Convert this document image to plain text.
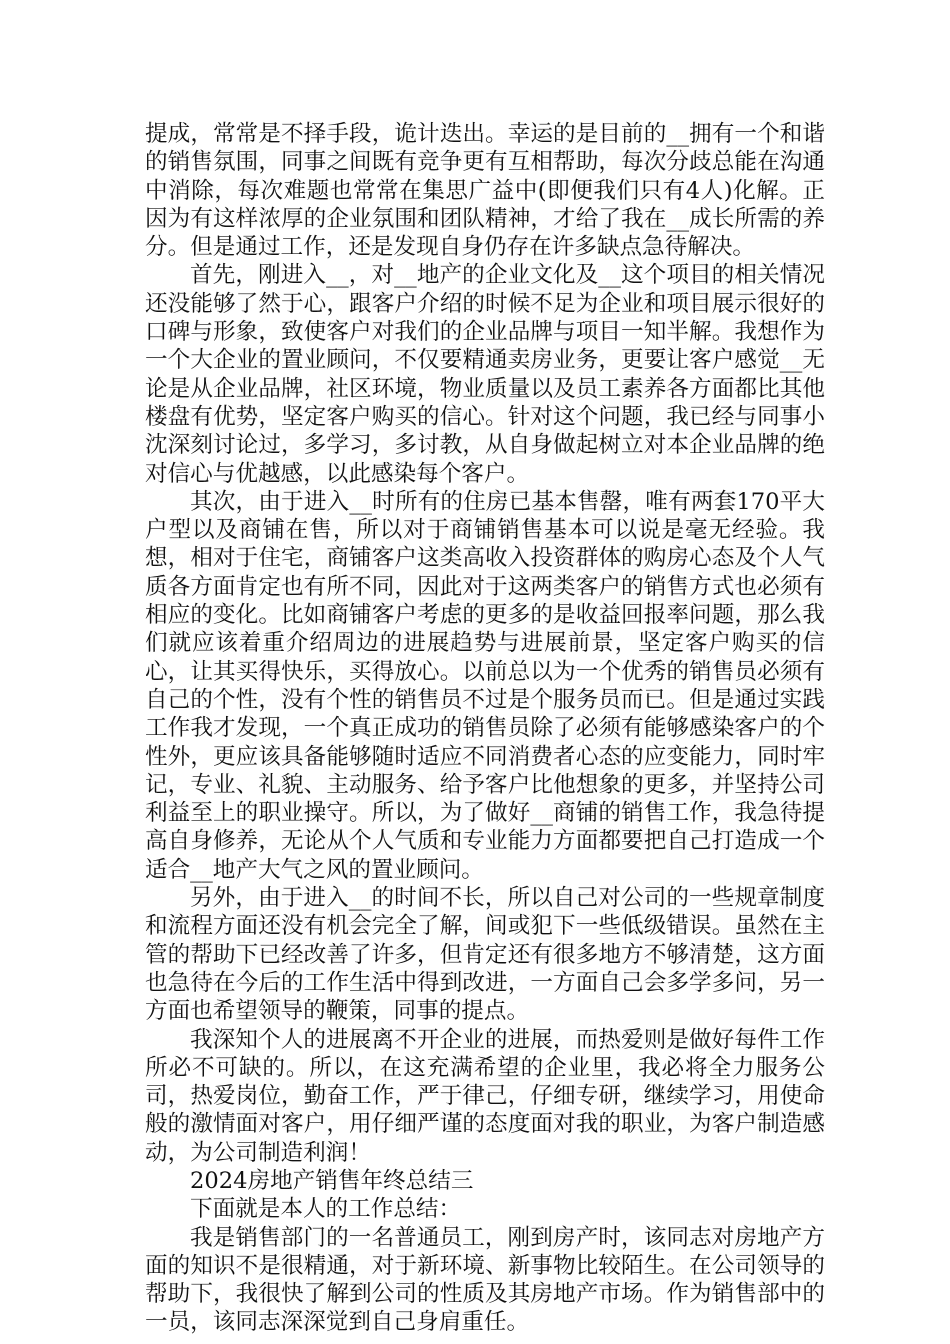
提成，常常是不择手段，诡计迭出。幸运的是目前的__拥有一个和谐的销售氛围，同事之间既有竞争更有互相帮助，每次分歧总能在沟通中消除，每次难题也常常在集思广益中(即便我们只有4人)化解。正因为有这样浓厚的企业氛围和团队精神，才给了我在__成长所需的养分。但是通过工作，还是发现自身仍存在许多缺点急待解决。

首先，刚进入__，对__地产的企业文化及__这个项目的相关情况还没能够了然于心，跟客户介绍的时候不足为企业和项目展示很好的口碑与形象，致使客户对我们的企业品牌与项目一知半解。我想作为一个大企业的置业顾问，不仅要精通卖房业务，更要让客户感觉__无论是从企业品牌，社区环境，物业质量以及员工素养各方面都比其他楼盘有优势，坚定客户购买的信心。针对这个问题，我已经与同事小沈深刻讨论过，多学习，多讨教，从自身做起树立对本企业品牌的绝对信心与优越感，以此感染每个客户。

其次，由于进入__时所有的住房已基本售罄，唯有两套170平大户型以及商铺在售，所以对于商铺销售基本可以说是毫无经验。我想，相对于住宅，商铺客户这类高收入投资群体的购房心态及个人气质各方面肯定也有所不同，因此对于这两类客户的销售方式也必须有相应的变化。比如商铺客户考虑的更多的是收益回报率问题，那么我们就应该着重介绍周边的进展趋势与进展前景，坚定客户购买的信心，让其买得快乐，买得放心。以前总以为一个优秀的销售员必须有自己的个性，没有个性的销售员不过是个服务员而已。但是通过实践工作我才发现，一个真正成功的销售员除了必须有能够感染客户的个性外，更应该具备能够随时适应不同消费者心态的应变能力，同时牢记，专业、礼貌、主动服务、给予客户比他想象的更多，并坚持公司利益至上的职业操守。所以，为了做好__商铺的销售工作，我急待提高自身修养，无论从个人气质和专业能力方面都要把自己打造成一个适合__地产大气之风的置业顾问。

另外，由于进入__的时间不长，所以自己对公司的一些规章制度和流程方面还没有机会完全了解，间或犯下一些低级错误。虽然在主管的帮助下已经改善了许多，但肯定还有很多地方不够清楚，这方面也急待在今后的工作生活中得到改进，一方面自己会多学多问，另一方面也希望领导的鞭策，同事的提点。

我深知个人的进展离不开企业的进展，而热爱则是做好每件工作所必不可缺的。所以，在这充满希望的企业里，我必将全力服务公司，热爱岗位，勤奋工作，严于律己，仔细专研，继续学习，用使命般的激情面对客户，用仔细严谨的态度面对我的职业，为客户制造感动，为公司制造利润！

2024房地产销售年终总结三

下面就是本人的工作总结：

我是销售部门的一名普通员工，刚到房产时，该同志对房地产方面的知识不是很精通，对于新环境、新事物比较陌生。在公司领导的帮助下，我很快了解到公司的性质及其房地产市场。作为销售部中的一员，该同志深深觉到自己身肩重任。
